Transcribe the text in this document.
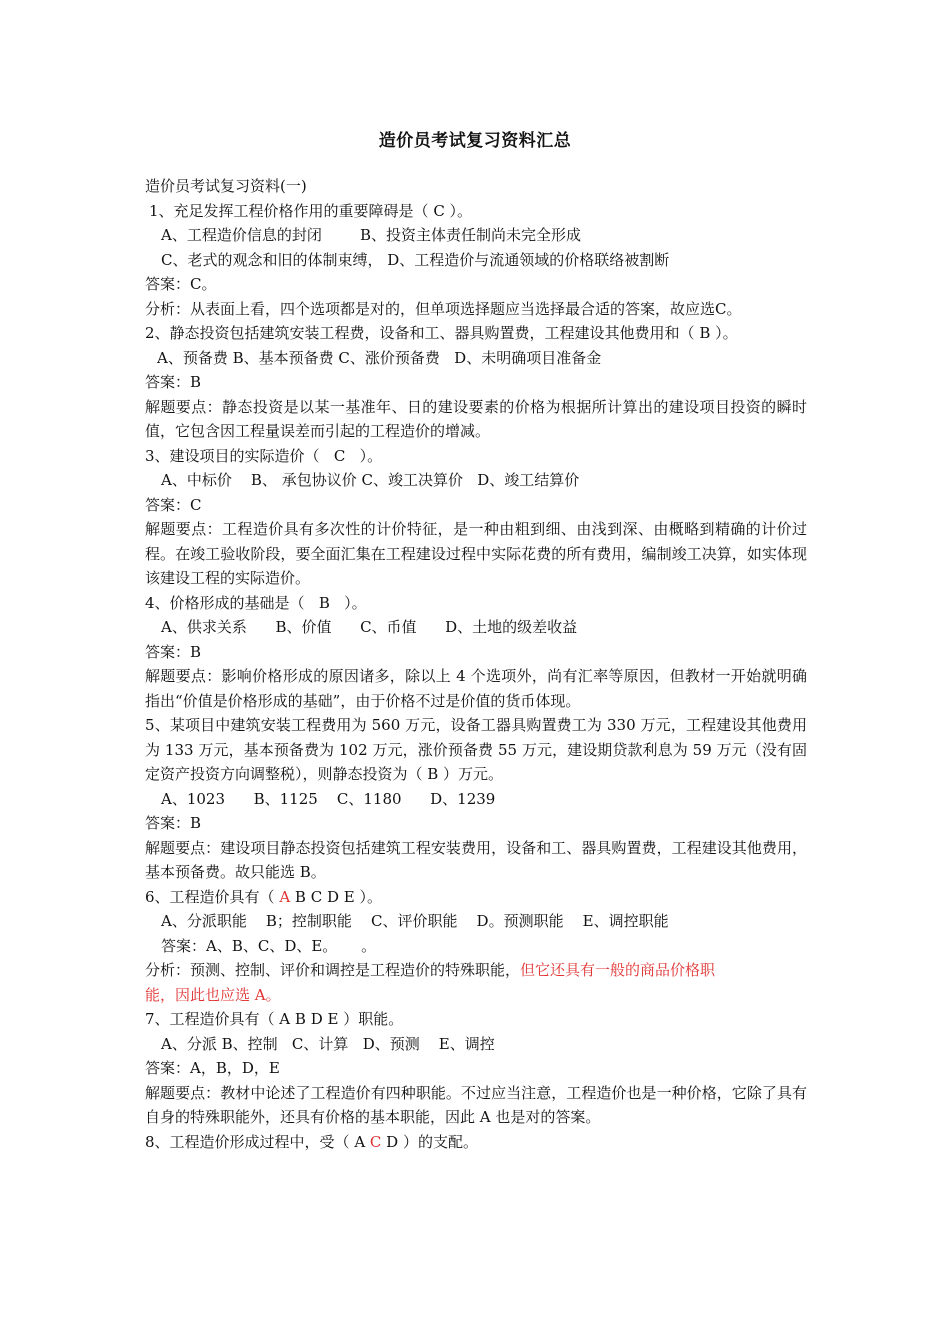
造价员考试复习资料汇总
造价员考试复习资料(一)
1、充足发挥工程价格作用的重要障碍是（ C ）。
A、工程造价信息的封闭        B、投资主体责任制尚未完全形成
C、老式的观念和旧的体制束缚， D、工程造价与流通领域的价格联络被割断
答案：C。
分析：从表面上看，四个选项都是对的，但单项选择题应当选择最合适的答案，故应选C。
2、静态投资包括建筑安装工程费，设备和工、器具购置费，工程建设其他费用和（ B ）。
A、预备费 B、基本预备费 C、涨价预备费   D、未明确项目准备金
答案：B
解题要点：静态投资是以某一基准年、日的建设要素的价格为根据所计算出的建设项目投资的瞬时值，它包含因工程量误差而引起的工程造价的增减。
3、建设项目的实际造价（   C   ）。
A、中标价    B、 承包协议价 C、竣工决算价   D、竣工结算价
答案：C
解题要点：工程造价具有多次性的计价特征，是一种由粗到细、由浅到深、由概略到精确的计价过程。在竣工验收阶段，要全面汇集在工程建设过程中实际花费的所有费用，编制竣工决算，如实体现该建设工程的实际造价。
4、价格形成的基础是（   B   ）。
A、供求关系      B、价值      C、币值      D、土地的级差收益
答案：B
解题要点：影响价格形成的原因诸多，除以上 4 个选项外，尚有汇率等原因，但教材一开始就明确指出“价值是价格形成的基础”，由于价格不过是价值的货币体现。
5、某项目中建筑安装工程费用为 560 万元，设备工器具购置费工为 330 万元，工程建设其他费用为 133 万元，基本预备费为 102 万元，涨价预备费 55 万元，建设期贷款利息为 59 万元（没有固定资产投资方向调整税），则静态投资为（ B ）万元。
A、1023      B、1125    C、1180      D、1239
答案：B
解题要点：建设项目静态投资包括建筑工程安装费用，设备和工、器具购置费，工程建设其他费用，基本预备费。故只能选 B。
6、工程造价具有（ A B C D E ）。
A、分派职能    B；控制职能    C、评价职能    D。预测职能    E、调控职能
答案：A、B、C、D、E。     。
分析：预测、控制、评价和调控是工程造价的特殊职能，但它还具有一般的商品价格职
能，因此也应选 A。
7、工程造价具有（ A B D E ）职能。
A、分派 B、控制   C、计算   D、预测    E、调控
答案：A，B，D，E
解题要点：教材中论述了工程造价有四种职能。不过应当注意，工程造价也是一种价格，它除了具有自身的特殊职能外，还具有价格的基本职能，因此 A 也是对的答案。
8、工程造价形成过程中，受（ A C D ）的支配。
